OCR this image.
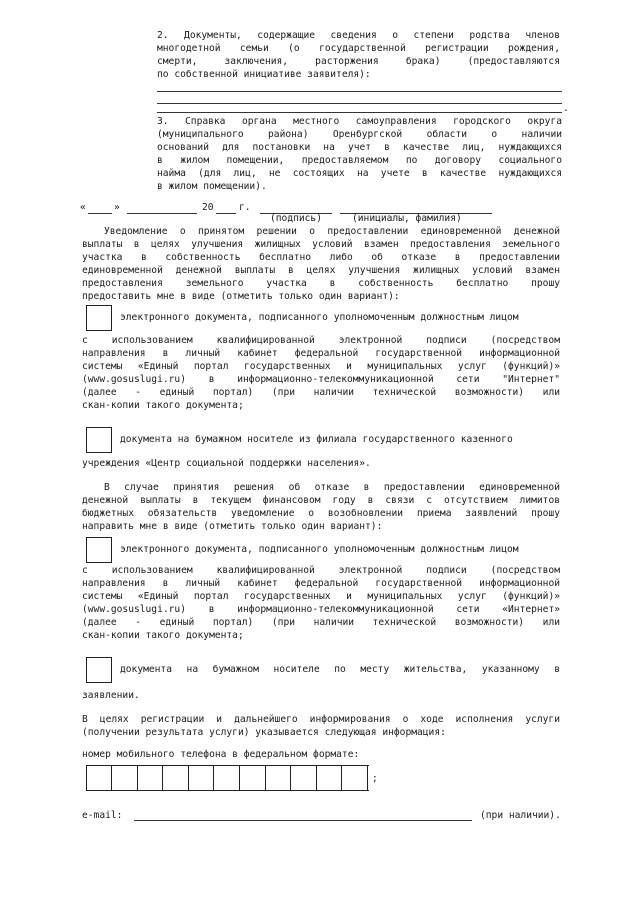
2. Документы, содержащие сведения о степени родства членов
многодетной семьи (о государственной регистрации рождения,
смерти, заключения, расторжения брака) (предоставляются
по собственной инициативе заявителя):
.
3. Справка органа местного самоуправления городского округа
(муниципального района) Оренбургской области о наличии
оснований для постановки на учет в качестве лиц, нуждающихся
в жилом помещении, предоставляемом по договору социального
найма (для лиц, не состоящих на учете в качестве нуждающихся
в жилом помещении).
«	»	20	г.
(подпись)	(инициалы, фамилия)
Уведомление о принятом решении о предоставлении единовременной денежной
выплаты в целях улучшения жилищных условий взамен предоставления земельного
участка в собственность бесплатно либо об отказе в предоставлении
единовременной денежной выплаты в целях улучшения жилищных условий взамен
предоставления земельного участка в собственность бесплатно прошу
предоставить мне в виде (отметить только один вариант):
электронного документа, подписанного уполномоченным должностным лицом
с использованием квалифицированной электронной подписи (посредством
направления в личный кабинет федеральной государственной информационной
системы «Единый портал государственных и муниципальных услуг (функций)»
(www.gosuslugi.ru) в информационно-телекоммуникационной сети "Интернет"
(далее - единый портал) (при наличии технической возможности) или
скан-копии такого документа;
документа на бумажном носителе из филиала государственного казенного
учреждения «Центр социальной поддержки населения».
В случае принятия решения об отказе в предоставлении единовременной
денежной выплаты в текущем финансовом году в связи с отсутствием лимитов
бюджетных обязательств уведомление о возобновлении приема заявлений прошу
направить мне в виде (отметить только один вариант):
электронного документа, подписанного уполномоченным должностным лицом
с использованием квалифицированной электронной подписи (посредством
направления в личный кабинет федеральной государственной информационной
системы «Единый портал государственных и муниципальных услуг (функций)»
(www.gosuslugi.ru) в информационно-телекоммуникационной сети «Интернет»
(далее - единый портал) (при наличии технической возможности) или
скан-копии такого документа;
документа на бумажном носителе по месту жительства, указанному в
заявлении.
В целях регистрации и дальнейшего информирования о ходе исполнения услуги
(получении результата услуги) указывается следующая информация:
номер мобильного телефона в федеральном формате:
;
e-mail:	(при наличии).
